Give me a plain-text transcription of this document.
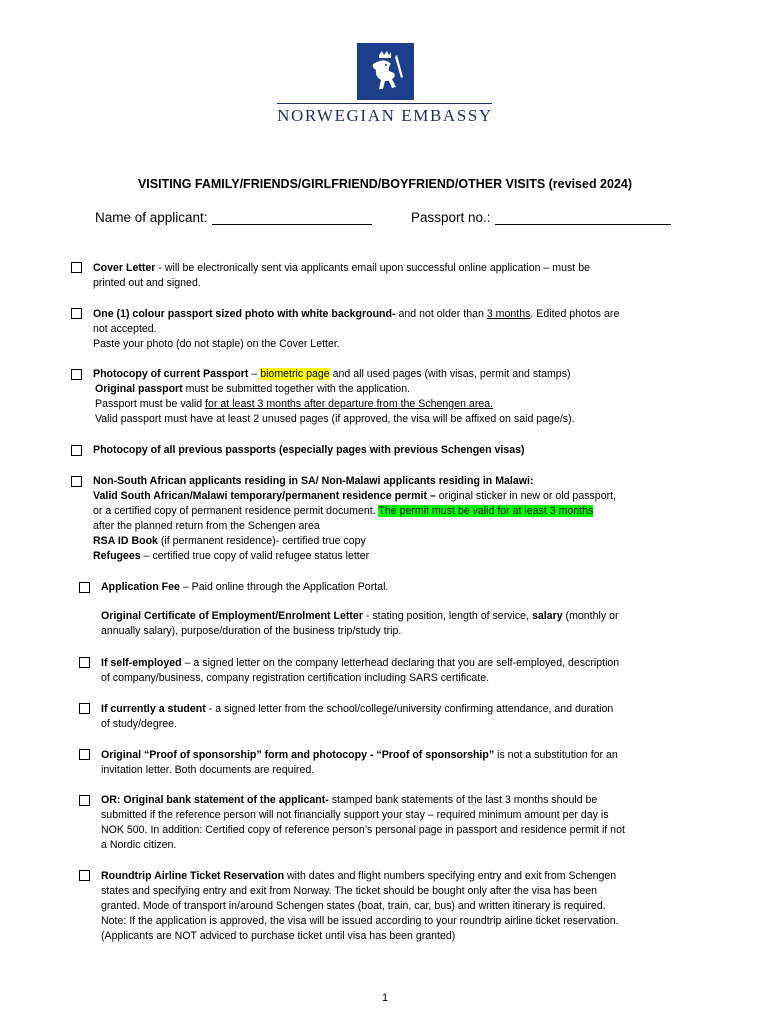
NORWEGIAN EMBASSY
VISITING FAMILY/FRIENDS/GIRLFRIEND/BOYFRIEND/OTHER VISITS (revised 2024)
Name of applicant:	Passport no.:

Cover Letter - will be electronically sent via applicants email upon successful online application – must be

printed out and signed.

One (1) colour passport sized photo with white background- and not older than 3 months. Edited photos are

not accepted.

Paste your photo (do not staple) on the Cover Letter.

Photocopy of current Passport – biometric page and all used pages (with visas, permit and stamps)

Original passport must be submitted together with the application.

Passport must be valid for at least 3 months after departure from the Schengen area.

Valid passport must have at least 2 unused pages (if approved, the visa will be affixed on said page/s).

Photocopy of all previous passports (especially pages with previous Schengen visas)

Non-South African applicants residing in SA/ Non-Malawi applicants residing in Malawi:

Valid South African/Malawi temporary/permanent residence permit – original sticker in new or old passport,

or a certified copy of permanent residence permit document. The permit must be valid for at least 3 months

after the planned return from the Schengen area

RSA ID Book (if permanent residence)- certified true copy

Refugees – certified true copy of valid refugee status letter

Application Fee – Paid online through the Application Portal.

Original Certificate of Employment/Enrolment Letter - stating position, length of service, salary (monthly or

annually salary), purpose/duration of the business trip/study trip.

If self-employed – a signed letter on the company letterhead declaring that you are self-employed, description

of company/business, company registration certification including SARS certificate.

If currently a student - a signed letter from the school/college/university confirming attendance, and duration

of study/degree.

Original “Proof of sponsorship” form and photocopy - “Proof of sponsorship” is not a substitution for an

invitation letter. Both documents are required.

OR: Original bank statement of the applicant- stamped bank statements of the last 3 months should be

submitted if the reference person will not financially support your stay – required minimum amount per day is

NOK 500. In addition: Certified copy of reference person’s personal page in passport and residence permit if not

a Nordic citizen.

Roundtrip Airline Ticket Reservation with dates and flight numbers specifying entry and exit from Schengen

states and specifying entry and exit from Norway. The ticket should be bought only after the visa has been

granted. Mode of transport in/around Schengen states (boat, train, car, bus) and written itinerary is required.

Note: If the application is approved, the visa will be issued according to your roundtrip airline ticket reservation.

(Applicants are NOT adviced to purchase ticket until visa has been granted)

1
